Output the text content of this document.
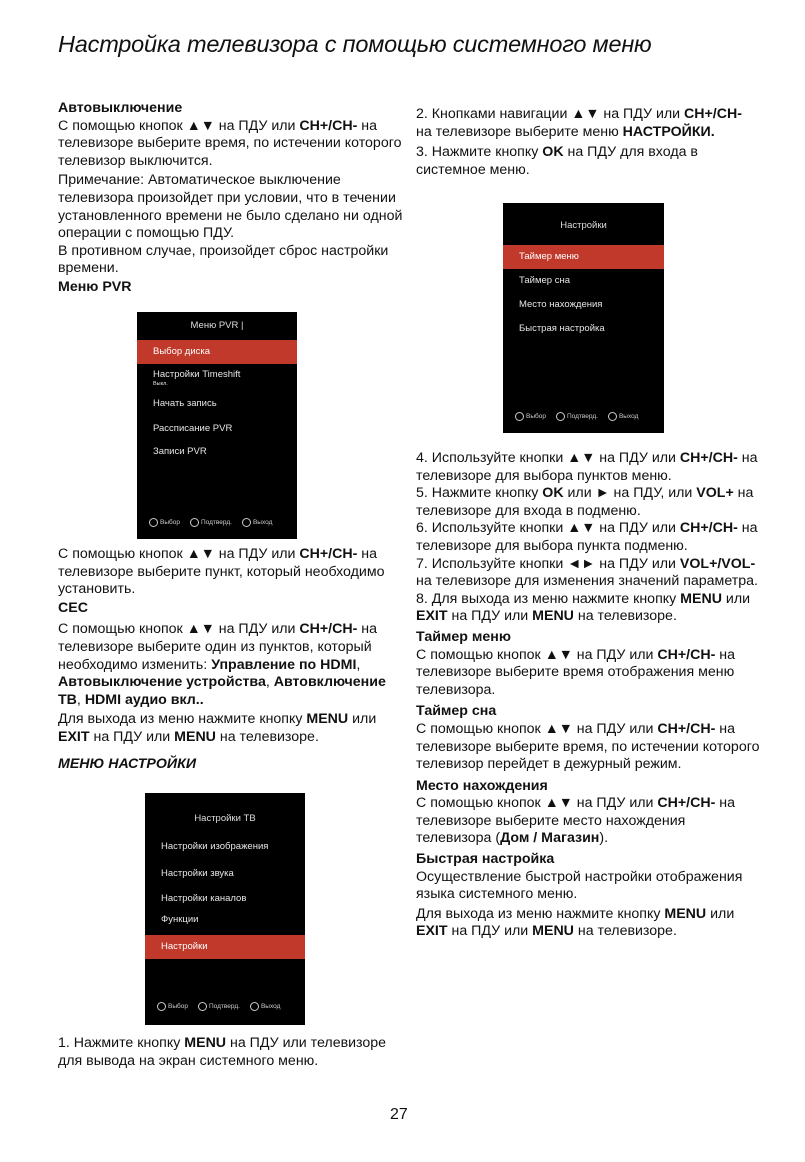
Настройка телевизора с помощью системного меню
Автовыключение
С помощью кнопок ▲▼ на ПДУ или CH+/CH- на телевизоре выберите время, по истечении которого телевизор выключится.
Примечание: Автоматическое выключение телевизора произойдет при условии, что в течении установленного времени не было сделано ни одной операции с помощью ПДУ.
В противном случае, произойдет сброс настройки времени.
Меню PVR
Меню PVR |
Выбор диска
Настройки Timeshift
Выкл.
Начать запись
Рассписание PVR
Записи PVR
Выбор	Подтверд.	Выход
С помощью кнопок ▲▼ на ПДУ или CH+/CH- на телевизоре выберите пункт, который необходимо установить.
CEC
С помощью кнопок ▲▼ на ПДУ или CH+/CH- на телевизоре выберите один из пунктов, который необходимо изменить: Управление по HDMI, Автовыключение устройства, Автовключение ТВ, HDMI аудио вкл..
Для выхода из меню нажмите кнопку MENU или EXIT на ПДУ или MENU на телевизоре.
МЕНЮ НАСТРОЙКИ
Настройки ТВ
Настройки изображения
Настройки звука
Настройки каналов
Функции
Настройки
Выбор	Подтверд.	Выход
1. Нажмите кнопку MENU на ПДУ или телевизоре для вывода на экран системного меню.
2. Кнопками навигации ▲▼ на ПДУ или CH+/CH- на телевизоре выберите меню НАСТРОЙКИ.
3. Нажмите кнопку OK на ПДУ для входа в системное меню.
Настройки
Таймер меню
Таймер сна
Место нахождения
Быстрая настройка
Выбор	Подтверд.	Выход
4. Используйте кнопки ▲▼ на ПДУ или CH+/CH- на телевизоре для выбора пунктов меню.
5. Нажмите кнопку OK или ► на ПДУ, или VOL+ на телевизоре для входа в подменю.
6. Используйте кнопки ▲▼ на ПДУ или CH+/CH- на телевизоре для выбора пункта подменю.
7. Используйте кнопки ◄► на ПДУ или VOL+/VOL- на телевизоре для изменения значений параметра.
8. Для выхода из меню нажмите кнопку MENU или EXIT на ПДУ или MENU на телевизоре.
Таймер меню
С помощью кнопок ▲▼ на ПДУ или CH+/CH- на телевизоре выберите время отображения меню телевизора.
Таймер сна
С помощью кнопок ▲▼ на ПДУ или CH+/CH- на телевизоре выберите время, по истечении которого телевизор перейдет в дежурный режим.
Место нахождения
С помощью кнопок ▲▼ на ПДУ или CH+/CH- на телевизоре выберите место нахождения телевизора (Дом / Магазин).
Быстрая настройка
Осуществление быстрой настройки отображения языка системного меню.
Для выхода из меню нажмите кнопку MENU или EXIT на ПДУ или MENU на телевизоре.
27
